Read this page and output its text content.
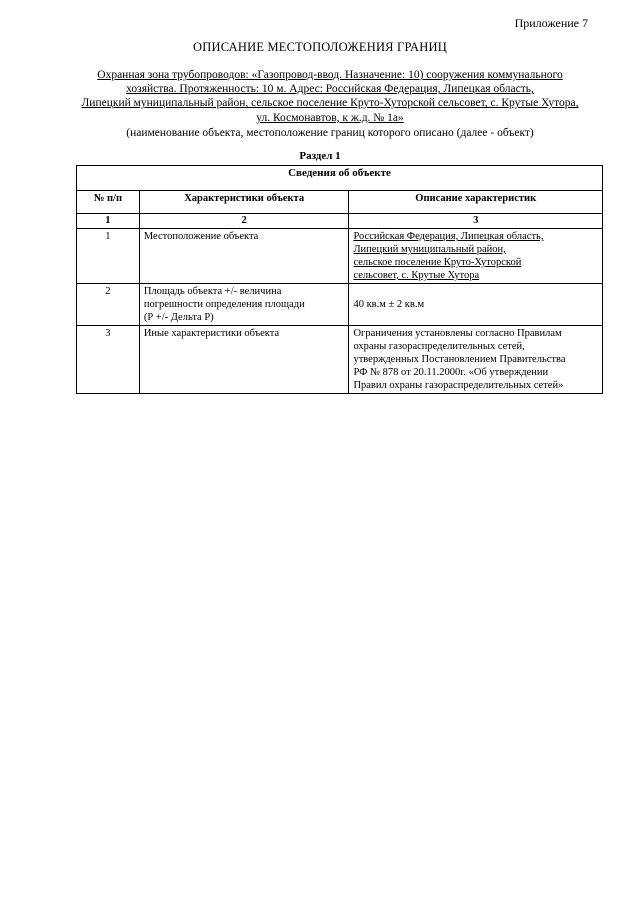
Приложение 7
ОПИСАНИЕ МЕСТОПОЛОЖЕНИЯ ГРАНИЦ
Охранная зона трубопроводов: «Газопровод-ввод. Назначение: 10) сооружения коммунального
хозяйства. Протяженность: 10 м. Адрес: Российская Федерация, Липецкая область,
Липецкий муниципальный район, сельское поселение Круто-Хуторской сельсовет, с. Крутые Хутора,
ул. Космонавтов, к ж.д. № 1а»
(наименование объекта, местоположение границ которого описано (далее - объект)
Раздел 1
Сведения об объекте		
№ п/п	Характеристики объекта	Описание характеристик
1	2	3
1	Местоположение объекта	Российская Федерация, Липецкая область,
Липецкий муниципальный район,
сельское поселение Круто-Хуторской
сельсовет, с. Крутые Хутора

2	Площадь объекта +/- величина
погрешности определения площади
(Р +/- Дельта Р)	40 кв.м ± 2 кв.м
3	Иные характеристики объекта	Ограничения установлены согласно Правилам
охраны газораспределительных сетей,
утвержденных Постановлением Правительства
РФ № 878 от 20.11.2000г. «Об утверждении
Правил охраны газораспределительных сетей»
